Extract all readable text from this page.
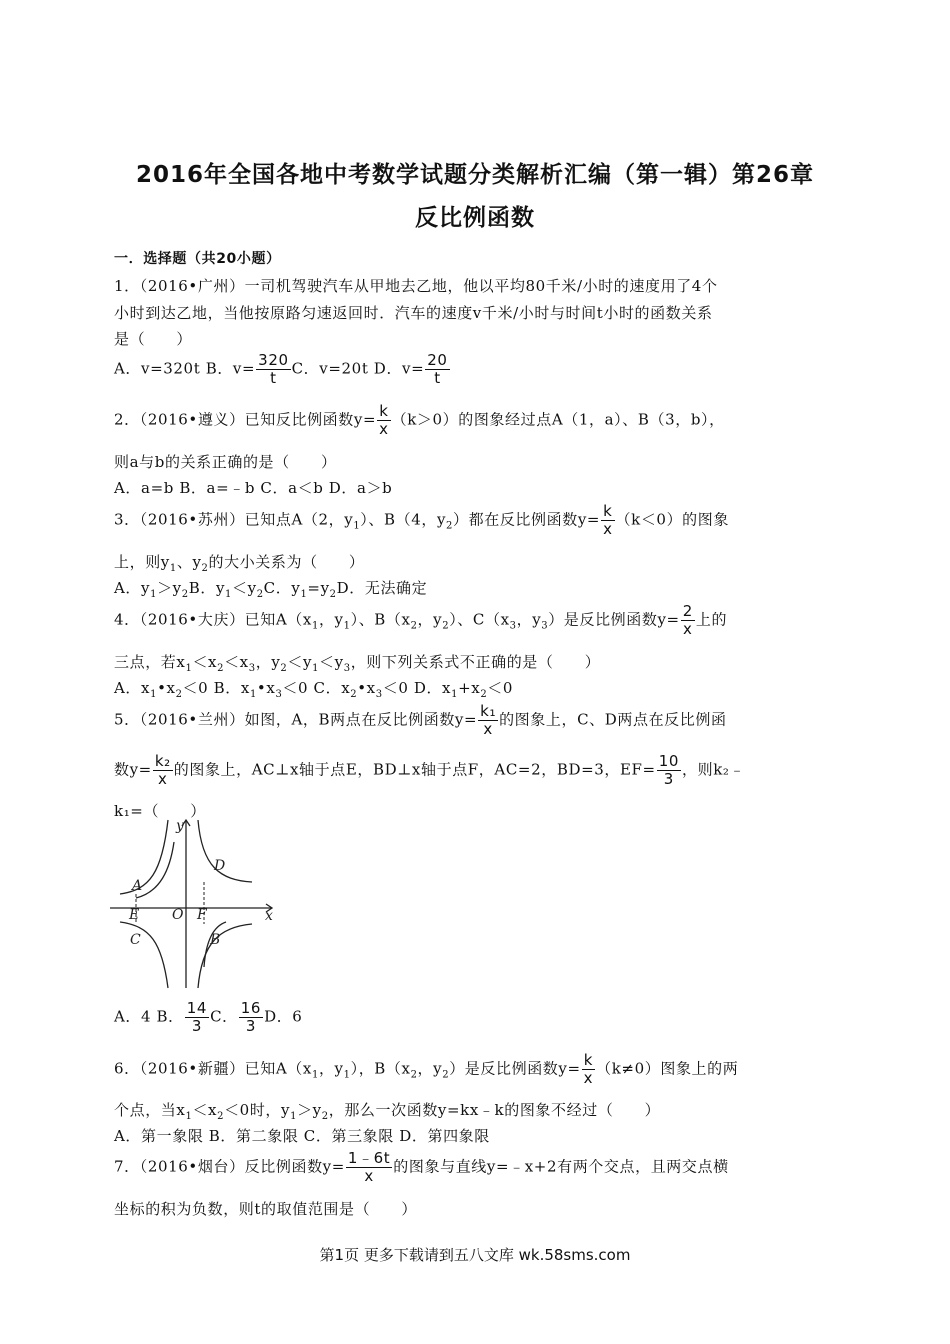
2016年全国各地中考数学试题分类解析汇编（第一辑）第26章
反比例函数
一．选择题（共20小题）
1．（2016•广州）一司机驾驶汽车从甲地去乙地，他以平均80千米/小时的速度用了4个
小时到达乙地，当他按原路匀速返回时．汽车的速度v千米/小时与时间t小时的函数关系
是（　　）
A．v=320t B．$v= \frac{320}{t}$ C．v=20t D．$v= \frac{20}{t}$
2．（2016•遵义）已知反比例函数$y= \frac{k}{x} (k>0)$的图象经过点A（1，a）、B（3，b），
则a与b的关系正确的是（　　）
A．a=b B．a=﹣b C．a＜b D．a＞b
3．（2016•苏州）已知点A（2，$y_1$）、B（4，$y_2$）都在反比例函数$y= \frac{k}{x} (k<0)$的图象
上，则$y_1$、$y_2$的大小关系为（　　）
A．$y_1>y_2B$．$y_1<y_2C$．$y_1=y_2D$．无法确定
4．（2016•大庆）已知$A(x_1$，$y_1$）、$B(x_2$，$y_2$）、$C(x_3$，$y_3$）是反比例函数$y= \frac{2}{x}$ 上的
三点，若$x_1<x_2<x_3$，$y_2<y_1<y_3$，则下列关系式不正确的是（　　）
A．$x_1•x_2<0$ B．$x_1•x_3<0$ C．$x_2•x_3<0$ D．$x_1+x_2<0$
5．（2016•兰州）如图，A，B两点在反比例函数$y= \frac{\text{k₁}}{x}$ 的图象上，C、D两点在反比例函
数$y= \frac{\text{k₂}}{x}$ 的图象上，AC⊥x轴于点E，BD⊥x轴于点F，AC=2，BD=3，$EF= \frac{10}{3}$ ，则k₂﹣
k₁=（　　）
y
x
A
D
E O F
C	B
A．4 B． $\frac{14}{3}$ C． $\frac{16}{3}$ D．6
6．（2016•新疆）已知$A(x_1$，$y_1$），$B(x_2$，$y_2$）是反比例函数$y= \frac{k}{x} (k\ne 0)$图象上的两
个点，当$x_1<x_2<0$时，$y_1>y_2$，那么一次函数y=kx﹣k的图象不经过（　　）
A．第一象限 B．第二象限 C．第三象限 D．第四象限
7．（2016•烟台）反比例函数$y= \frac{1﹣6t}{x}$ 的图象与直线y=﹣x+2有两个交点，且两交点横
坐标的积为负数，则t的取值范围是（　　）
第1页 更多下载请到五八文库 wk.58sms.com
